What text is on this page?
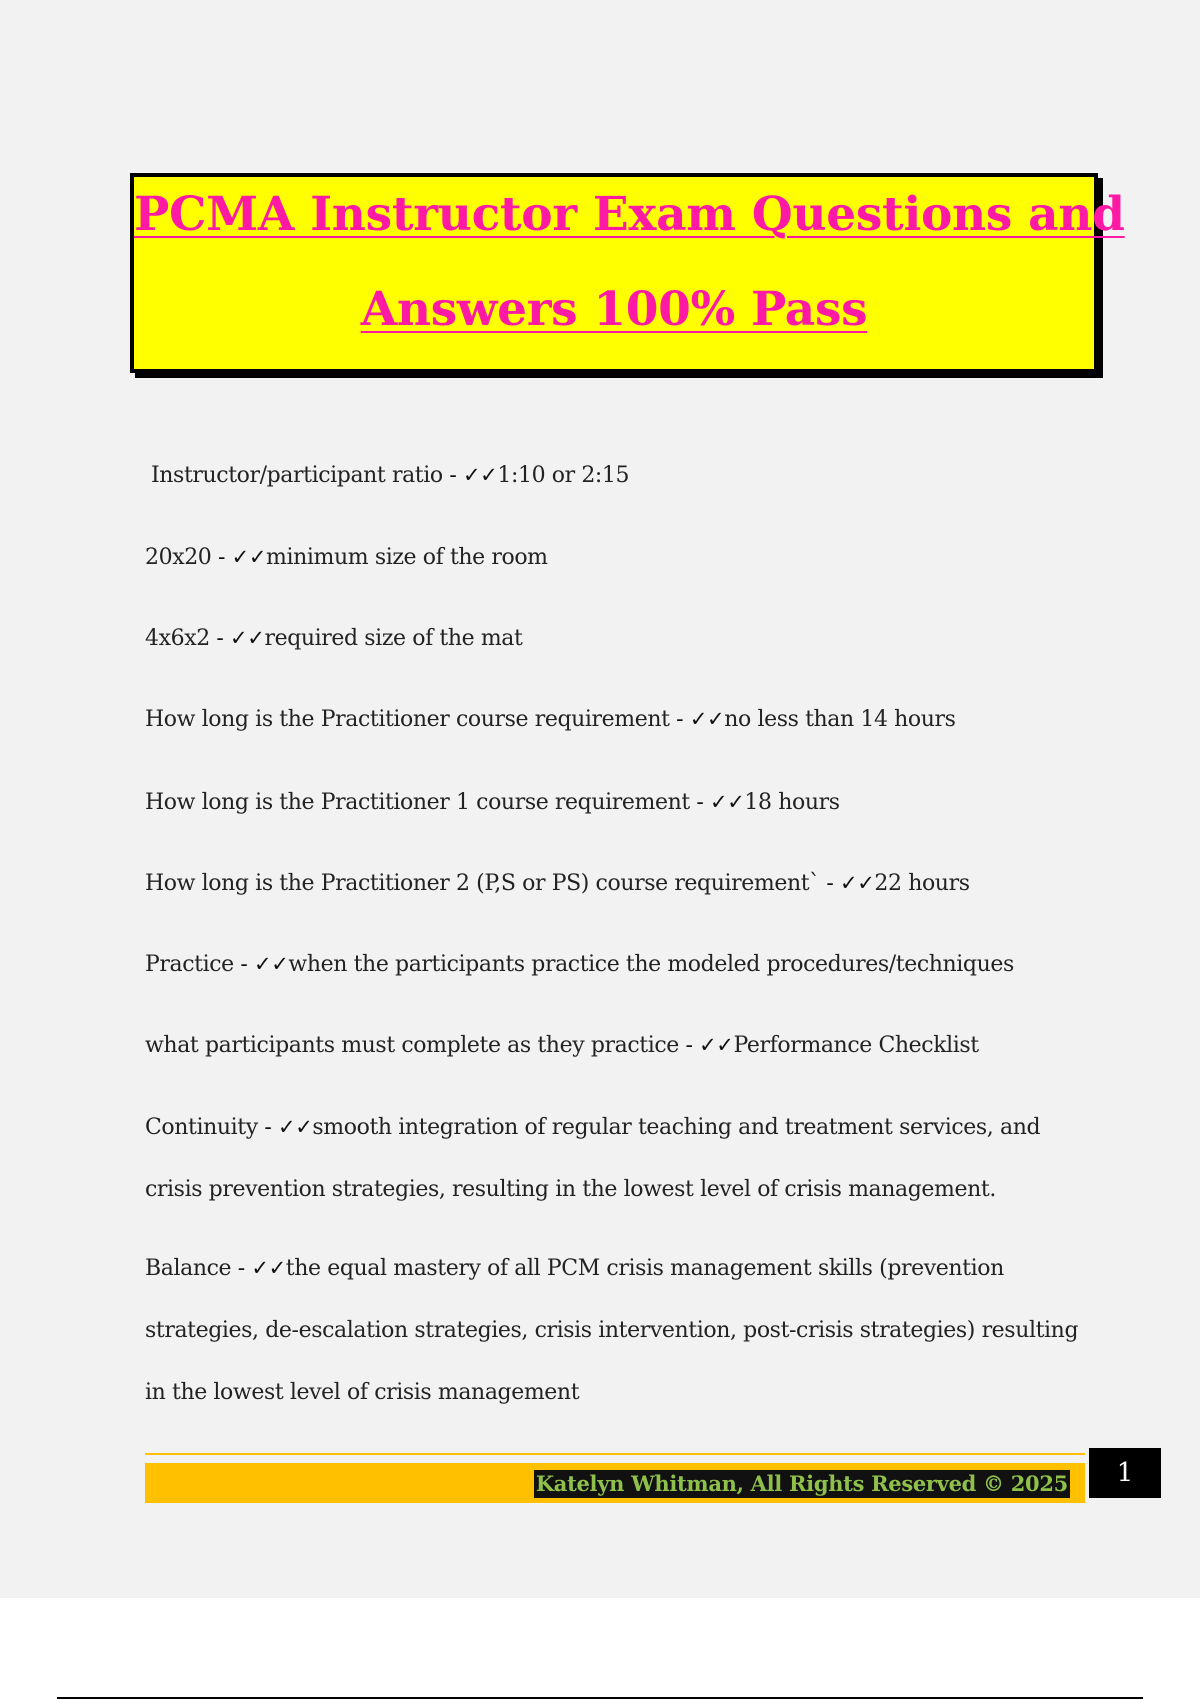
PCMA Instructor Exam Questions and
Answers 100% Pass
Instructor/participant ratio - ✓✓1:10 or 2:15
20x20 - ✓✓minimum size of the room
4x6x2 - ✓✓required size of the mat
How long is the Practitioner course requirement - ✓✓no less than 14 hours
How long is the Practitioner 1 course requirement - ✓✓18 hours
How long is the Practitioner 2 (P,S or PS) course requirement` - ✓✓22 hours
Practice - ✓✓when the participants practice the modeled procedures/techniques
what participants must complete as they practice - ✓✓Performance Checklist
Continuity - ✓✓smooth integration of regular teaching and treatment services, and crisis prevention strategies, resulting in the lowest level of crisis management.
Balance - ✓✓the equal mastery of all PCM crisis management skills (prevention strategies, de-escalation strategies, crisis intervention, post-crisis strategies) resulting in the lowest level of crisis management
Katelyn Whitman, All Rights Reserved © 2025	1
